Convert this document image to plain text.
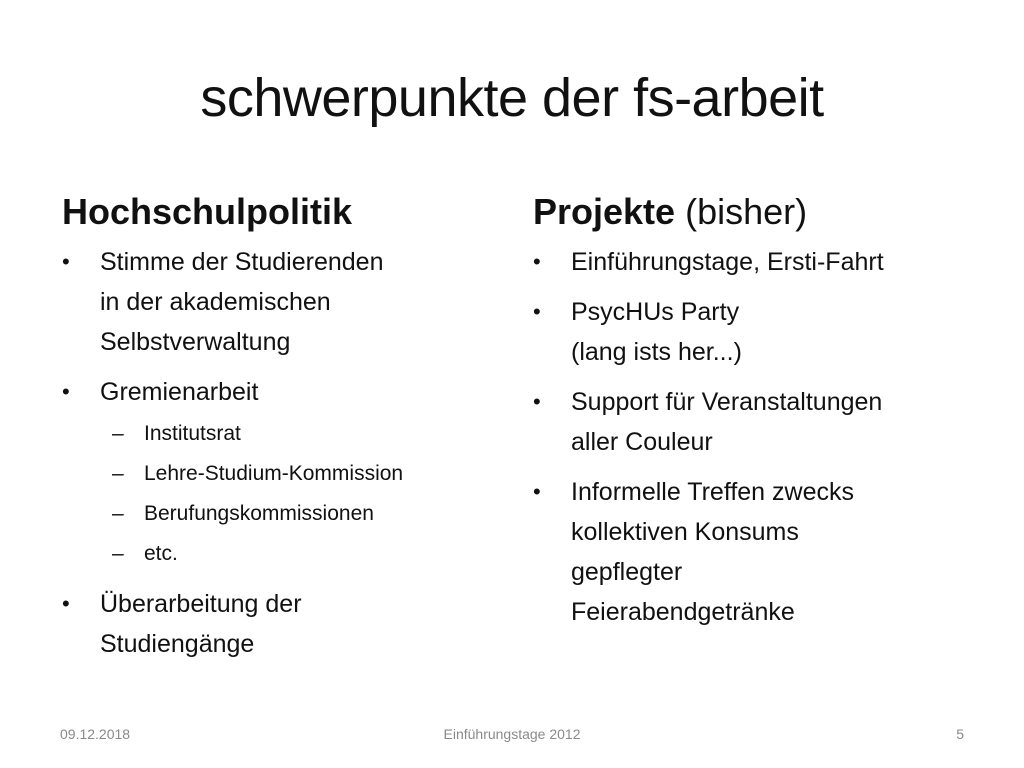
schwerpunkte der fs-arbeit
Hochschulpolitik
• Stimme der Studierenden
in der akademischen
Selbstverwaltung
• Gremienarbeit
– Institutsrat
– Lehre-Studium-Kommission
– Berufungskommissionen
– etc.
• Überarbeitung der
Studiengänge
Projekte (bisher)
• Einführungstage, Ersti-Fahrt
• PsycHUs Party
(lang ists her...)
• Support für Veranstaltungen
aller Couleur
• Informelle Treffen zwecks
kollektiven Konsums
gepflegter
Feierabendgetränke
09.12.2018	Einführungstage 2012	5
